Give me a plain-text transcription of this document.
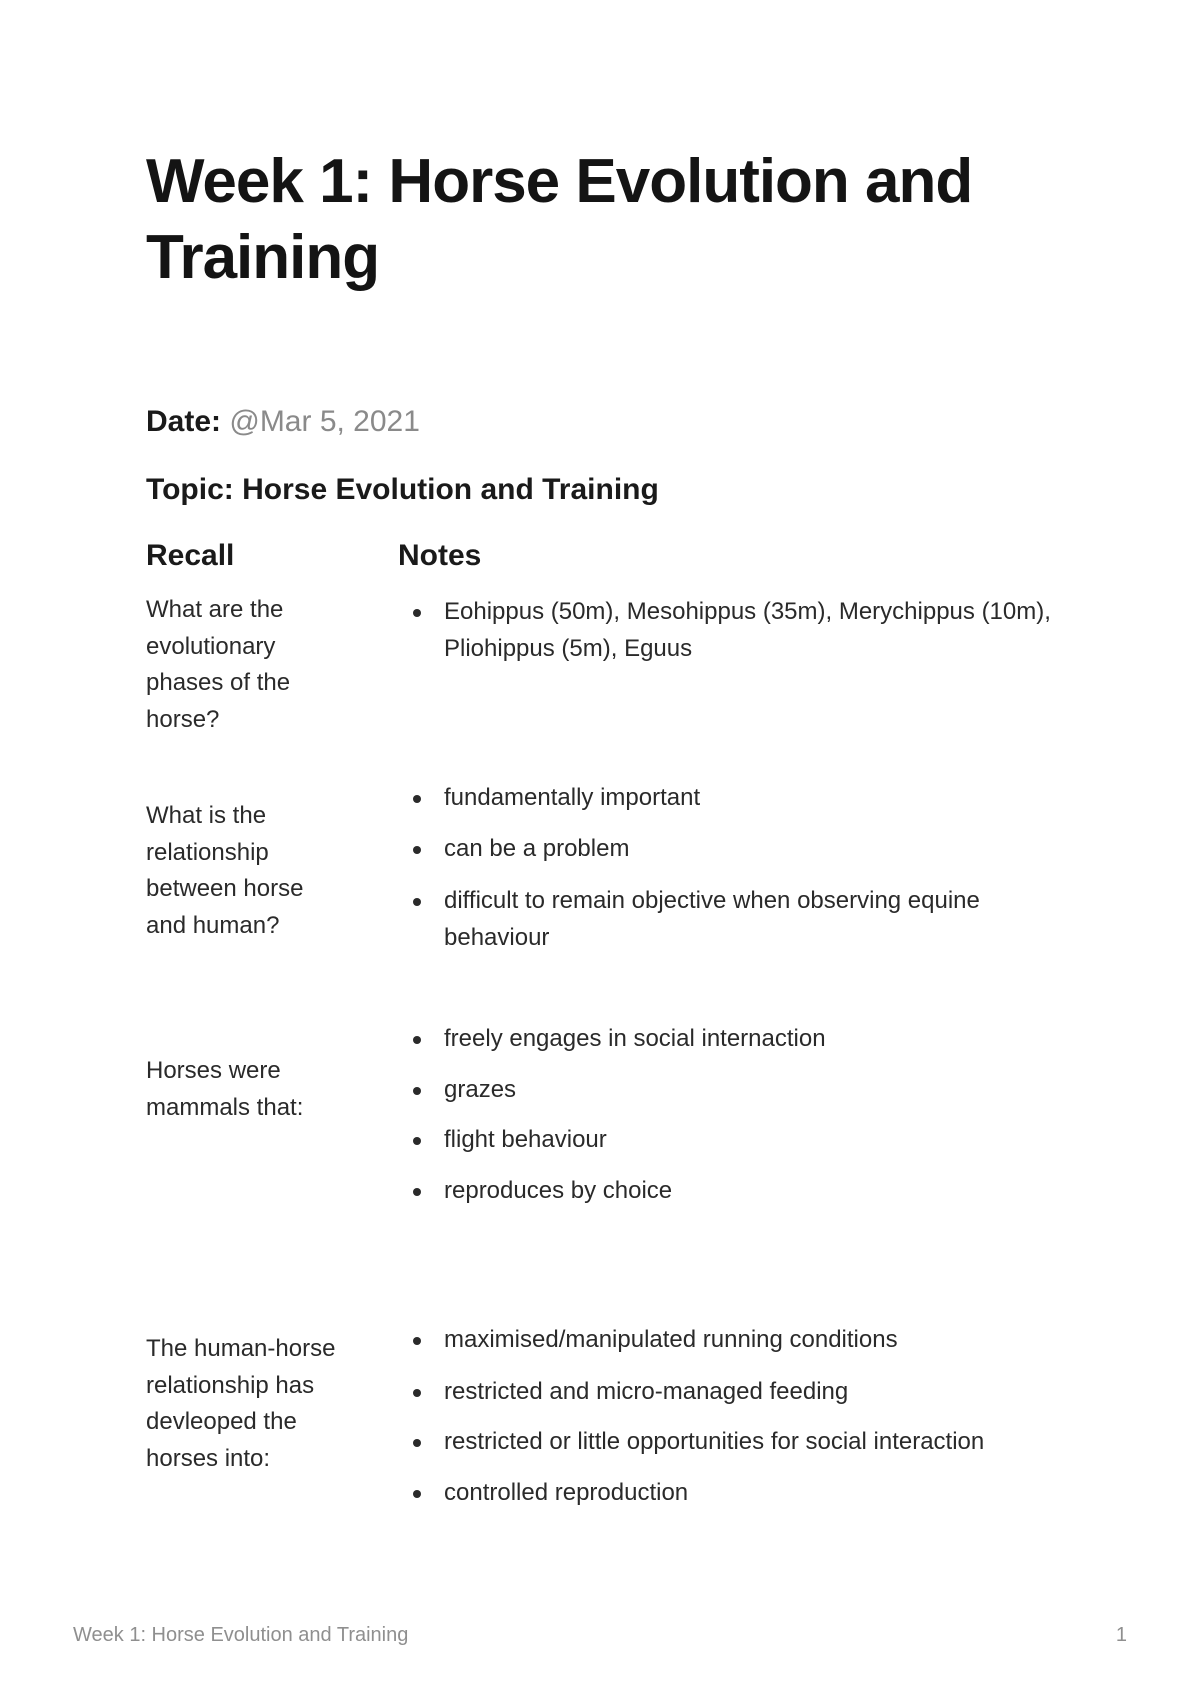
Week 1: Horse Evolution and Training
Date: @Mar 5, 2021
Topic: Horse Evolution and Training
Recall	Notes
What are the evolutionary phases of the horse?
Eohippus (50m), Mesohippus (35m), Merychippus (10m), Pliohippus (5m), Eguus
What is the relationship between horse and human?
fundamentally important
can be a problem
difficult to remain objective when observing equine behaviour
Horses were mammals that:
freely engages in social internaction
grazes
flight behaviour
reproduces by choice
The human-horse relationship has devleoped the horses into:
maximised/manipulated running conditions
restricted and micro-managed feeding
restricted or little opportunities for social interaction
controlled reproduction
Week 1: Horse Evolution and Training	1
